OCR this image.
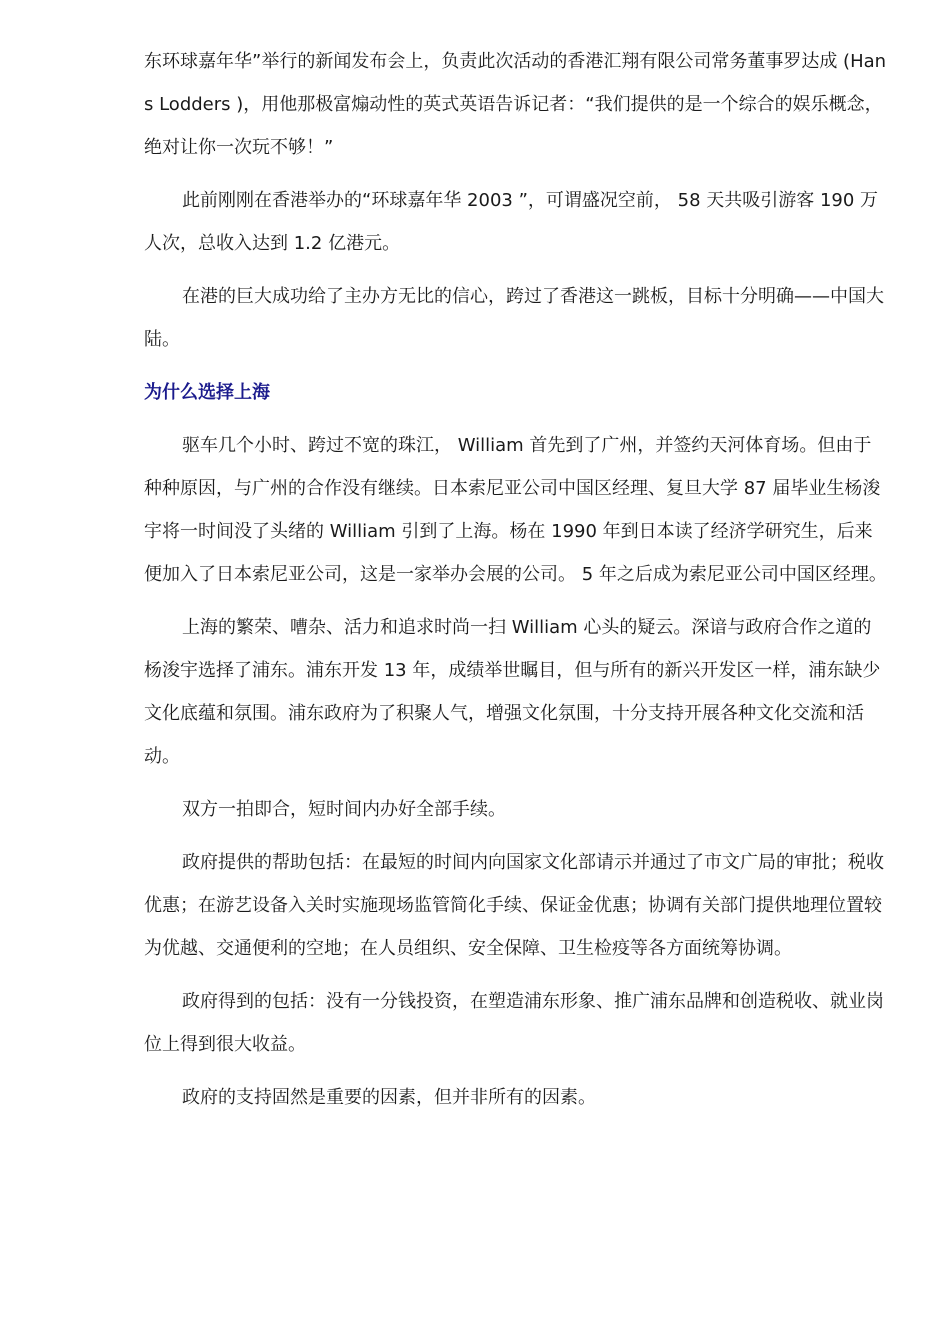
东环球嘉年华”举行的新闻发布会上，负责此次活动的香港汇翔有限公司常务董事罗达成 (Hans Lodders )，用他那极富煽动性的英式英语告诉记者：“我们提供的是一个综合的娱乐概念，绝对让你一次玩不够！”

此前刚刚在香港举办的“环球嘉年华 2003 ”，可谓盛况空前， 58 天共吸引游客 190 万人次，总收入达到 1.2 亿港元。

在港的巨大成功给了主办方无比的信心，跨过了香港这一跳板，目标十分明确——中国大陆。

为什么选择上海

驱车几个小时、跨过不宽的珠江， William 首先到了广州，并签约天河体育场。但由于种种原因，与广州的合作没有继续。日本索尼亚公司中国区经理、复旦大学 87 届毕业生杨浚宇将一时间没了头绪的 William 引到了上海。杨在 1990 年到日本读了经济学研究生，后来便加入了日本索尼亚公司，这是一家举办会展的公司。 5 年之后成为索尼亚公司中国区经理。

上海的繁荣、嘈杂、活力和追求时尚一扫 William 心头的疑云。深谙与政府合作之道的杨浚宇选择了浦东。浦东开发 13 年，成绩举世瞩目，但与所有的新兴开发区一样，浦东缺少文化底蕴和氛围。浦东政府为了积聚人气，增强文化氛围，十分支持开展各种文化交流和活动。

双方一拍即合，短时间内办好全部手续。

政府提供的帮助包括：在最短的时间内向国家文化部请示并通过了市文广局的审批；税收优惠；在游艺设备入关时实施现场监管简化手续、保证金优惠；协调有关部门提供地理位置较为优越、交通便利的空地；在人员组织、安全保障、卫生检疫等各方面统筹协调。

政府得到的包括：没有一分钱投资，在塑造浦东形象、推广浦东品牌和创造税收、就业岗位上得到很大收益。

政府的支持固然是重要的因素，但并非所有的因素。
